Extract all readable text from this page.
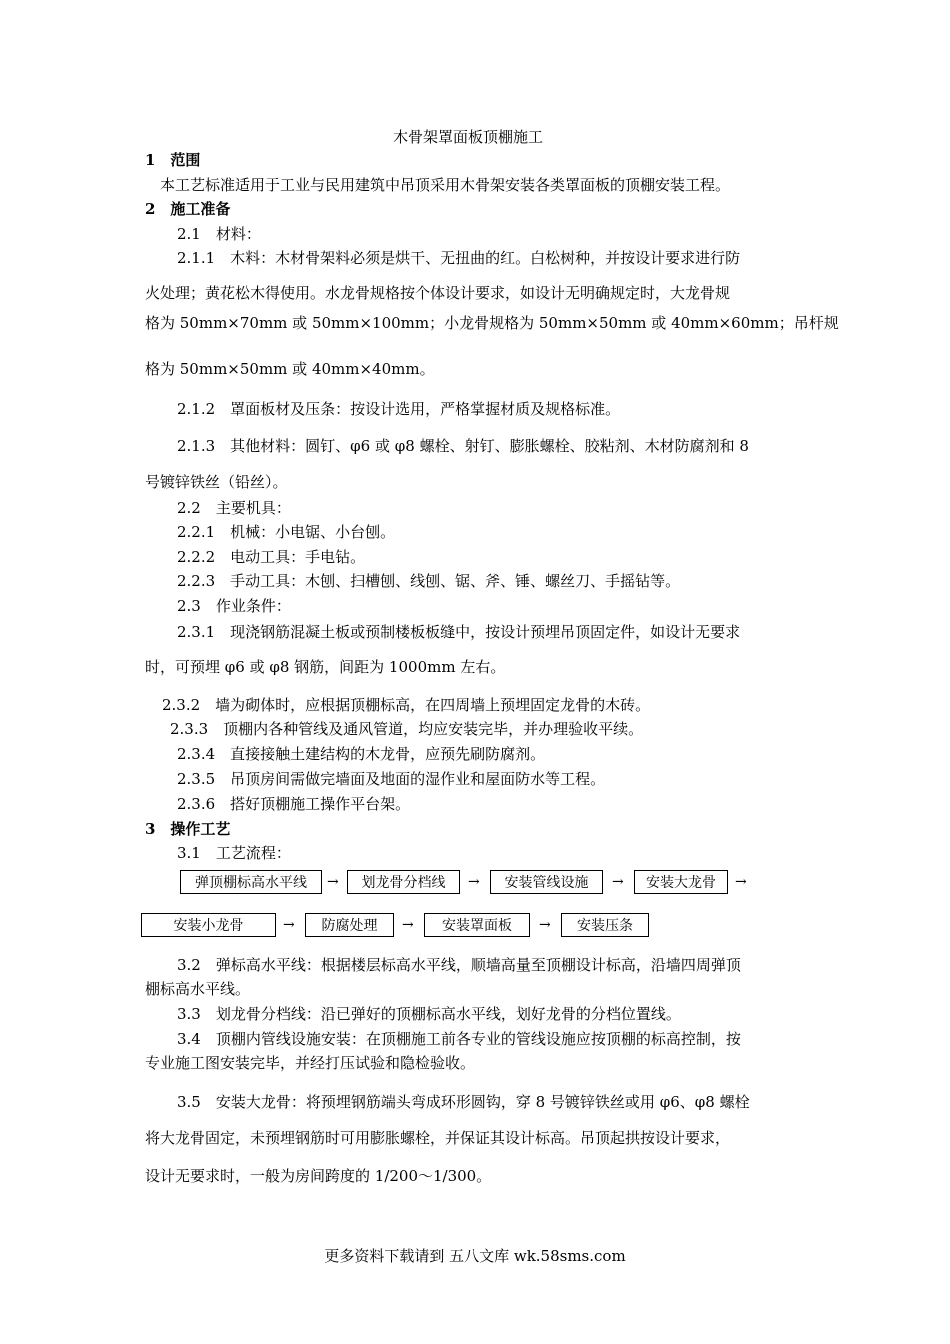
木骨架罩面板顶棚施工
1　范围
本工艺标准适用于工业与民用建筑中吊顶采用木骨架安装各类罩面板的顶棚安装工程。
2　施工准备
2.1　材料：
2.1.1　木料：木材骨架料必须是烘干、无扭曲的红。白松树种，并按设计要求进行防
火处理；黄花松木得使用。水龙骨规格按个体设计要求，如设计无明确规定时，大龙骨规
格为 50mm×70mm 或 50mm×100mm；小龙骨规格为 50mm×50mm 或 40mm×60mm；吊杆规
格为 50mm×50mm 或 40mm×40mm。
2.1.2　罩面板材及压条：按设计选用，严格掌握材质及规格标准。
2.1.3　其他材料：圆钉、φ6 或 φ8 螺栓、射钉、膨胀螺栓、胶粘剂、木材防腐剂和 8
号镀锌铁丝（铅丝）。
2.2　主要机具：
2.2.1　机械：小电锯、小台刨。
2.2.2　电动工具：手电钻。
2.2.3　手动工具：木刨、扫槽刨、线刨、锯、斧、锤、螺丝刀、手摇钻等。
2.3　作业条件：
2.3.1　现浇钢筋混凝土板或预制楼板板缝中，按设计预埋吊顶固定件，如设计无要求
时，可预埋 φ6 或 φ8 钢筋，间距为 1000mm 左右。
2.3.2　墙为砌体时，应根据顶棚标高，在四周墙上预埋固定龙骨的木砖。
2.3.3　顶棚内各种管线及通风管道，均应安装完毕，并办理验收平续。
2.3.4　直接接触土建结构的木龙骨，应预先刷防腐剂。
2.3.5　吊顶房间需做完墙面及地面的湿作业和屋面防水等工程。
2.3.6　搭好顶棚施工操作平台架。
3　操作工艺
3.1　工艺流程：
弹顶棚标高水平线	→	划龙骨分档线	→	安装管线设施	→	安装大龙骨	→
安装小龙骨	→	防腐处理	→	安装罩面板	→	安装压条
3.2　弹标高水平线：根据楼层标高水平线，顺墙高量至顶棚设计标高，沿墙四周弹顶
棚标高水平线。
3.3　划龙骨分档线：沿已弹好的顶棚标高水平线，划好龙骨的分档位置线。
3.4　顶棚内管线设施安装：在顶棚施工前各专业的管线设施应按顶棚的标高控制，按
专业施工图安装完毕，并经打压试验和隐检验收。
3.5　安装大龙骨：将预埋钢筋端头弯成环形圆钩，穿 8 号镀锌铁丝或用 φ6、φ8 螺栓
将大龙骨固定，未预埋钢筋时可用膨胀螺栓，并保证其设计标高。吊顶起拱按设计要求，
设计无要求时，一般为房间跨度的 1/200～1/300。
更多资料下载请到 五八文库 wk.58sms.com
